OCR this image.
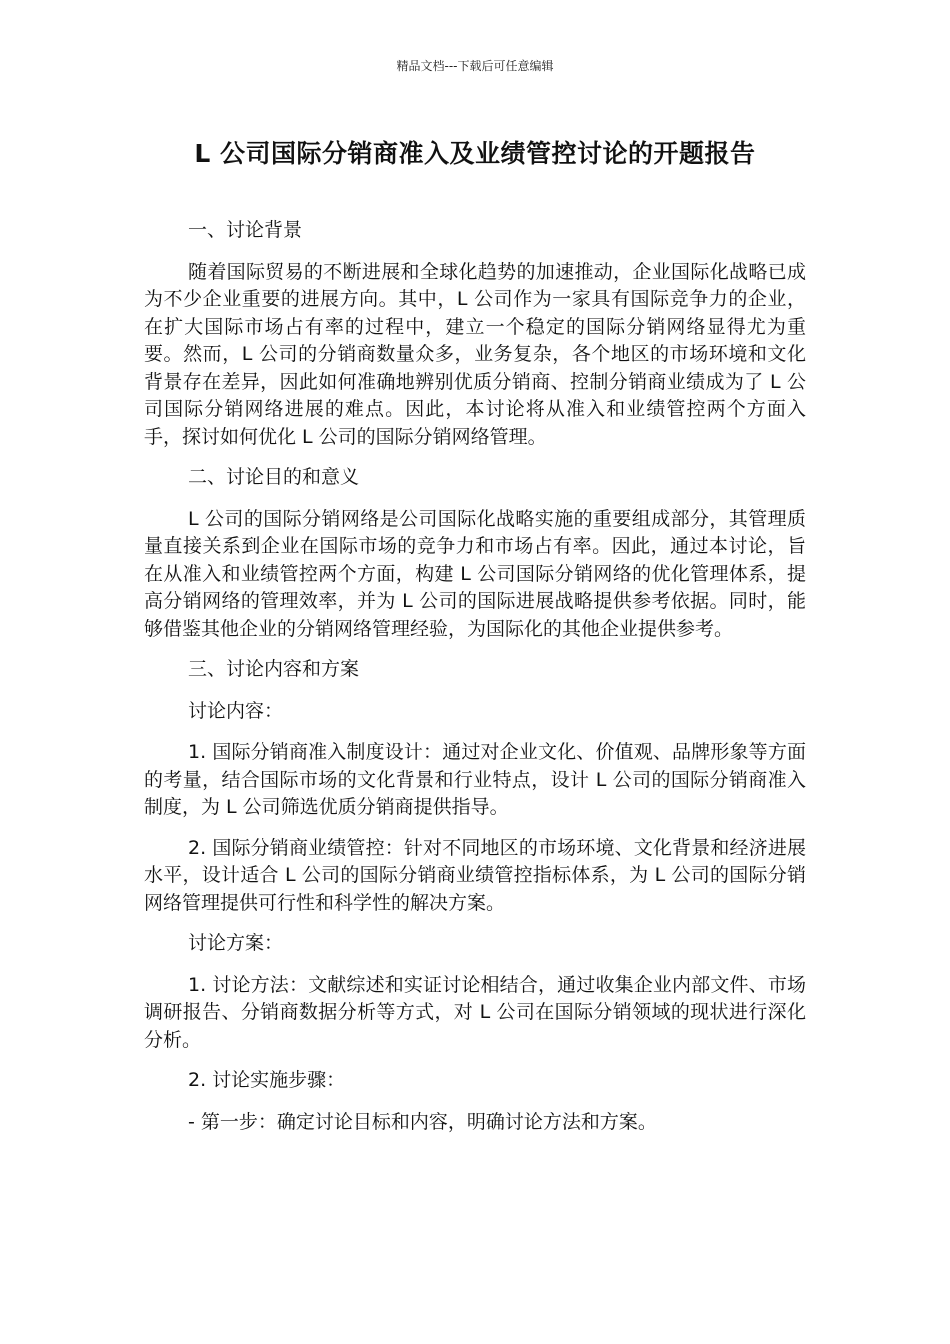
精品文档---下载后可任意编辑
L 公司国际分销商准入及业绩管控讨论的开题报告

一、讨论背景

随着国际贸易的不断进展和全球化趋势的加速推动，企业国际化战略已成为不少企业重要的进展方向。其中，L 公司作为一家具有国际竞争力的企业，在扩大国际市场占有率的过程中，建立一个稳定的国际分销网络显得尤为重要。然而，L 公司的分销商数量众多，业务复杂，各个地区的市场环境和文化背景存在差异，因此如何准确地辨别优质分销商、控制分销商业绩成为了 L 公司国际分销网络进展的难点。因此，本讨论将从准入和业绩管控两个方面入手，探讨如何优化 L 公司的国际分销网络管理。

二、讨论目的和意义

L 公司的国际分销网络是公司国际化战略实施的重要组成部分，其管理质量直接关系到企业在国际市场的竞争力和市场占有率。因此，通过本讨论，旨在从准入和业绩管控两个方面，构建 L 公司国际分销网络的优化管理体系，提高分销网络的管理效率，并为 L 公司的国际进展战略提供参考依据。同时，能够借鉴其他企业的分销网络管理经验，为国际化的其他企业提供参考。

三、讨论内容和方案

讨论内容：

1. 国际分销商准入制度设计：通过对企业文化、价值观、品牌形象等方面的考量，结合国际市场的文化背景和行业特点，设计 L 公司的国际分销商准入制度，为 L 公司筛选优质分销商提供指导。

2. 国际分销商业绩管控：针对不同地区的市场环境、文化背景和经济进展水平，设计适合 L 公司的国际分销商业绩管控指标体系，为 L 公司的国际分销网络管理提供可行性和科学性的解决方案。

讨论方案：

1. 讨论方法：文献综述和实证讨论相结合，通过收集企业内部文件、市场调研报告、分销商数据分析等方式，对 L 公司在国际分销领域的现状进行深化分析。

2. 讨论实施步骤：

- 第一步：确定讨论目标和内容，明确讨论方法和方案。
